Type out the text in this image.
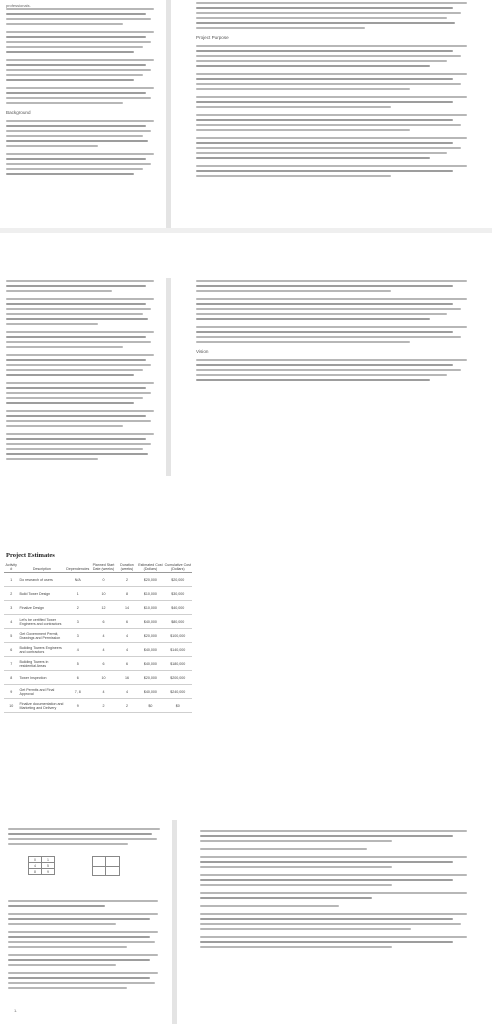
professionals.
Background
Project Purpose
Vision
Project Estimates
Activity #	Description	Dependencies	Planned Start Date (weeks)	Duration (weeks)	Estimated Cost (Dollars)	Cumulative Cost (Dollars)
1	Do research of users	N/A	0	2	$20,000	$20,000
2	Build Tower Design	1	10	8	$10,000	$30,000
3	Finalize Design	2	12	14	$10,000	$40,000
4	Let's be certified Tower Engineers and contractors	3	6	6	$40,000	$80,000
5	Get Government Permit, Drawings and Permission	3	4	4	$20,000	$100,000
6	Building Towers Engineers and contractors	4	4	4	$40,000	$140,000
7	Building Towers in residential Areas	5	6	6	$40,000	$180,000
8	Tower Inspection	6	10	16	$20,000	$200,000
9	Get Permits and Final Approval	7, 8	4	4	$40,000	$240,000
10	Finalize documentation and Marketing and Delivery	9	2	2	$0	$0
0	1
4	5
8	9
1.
